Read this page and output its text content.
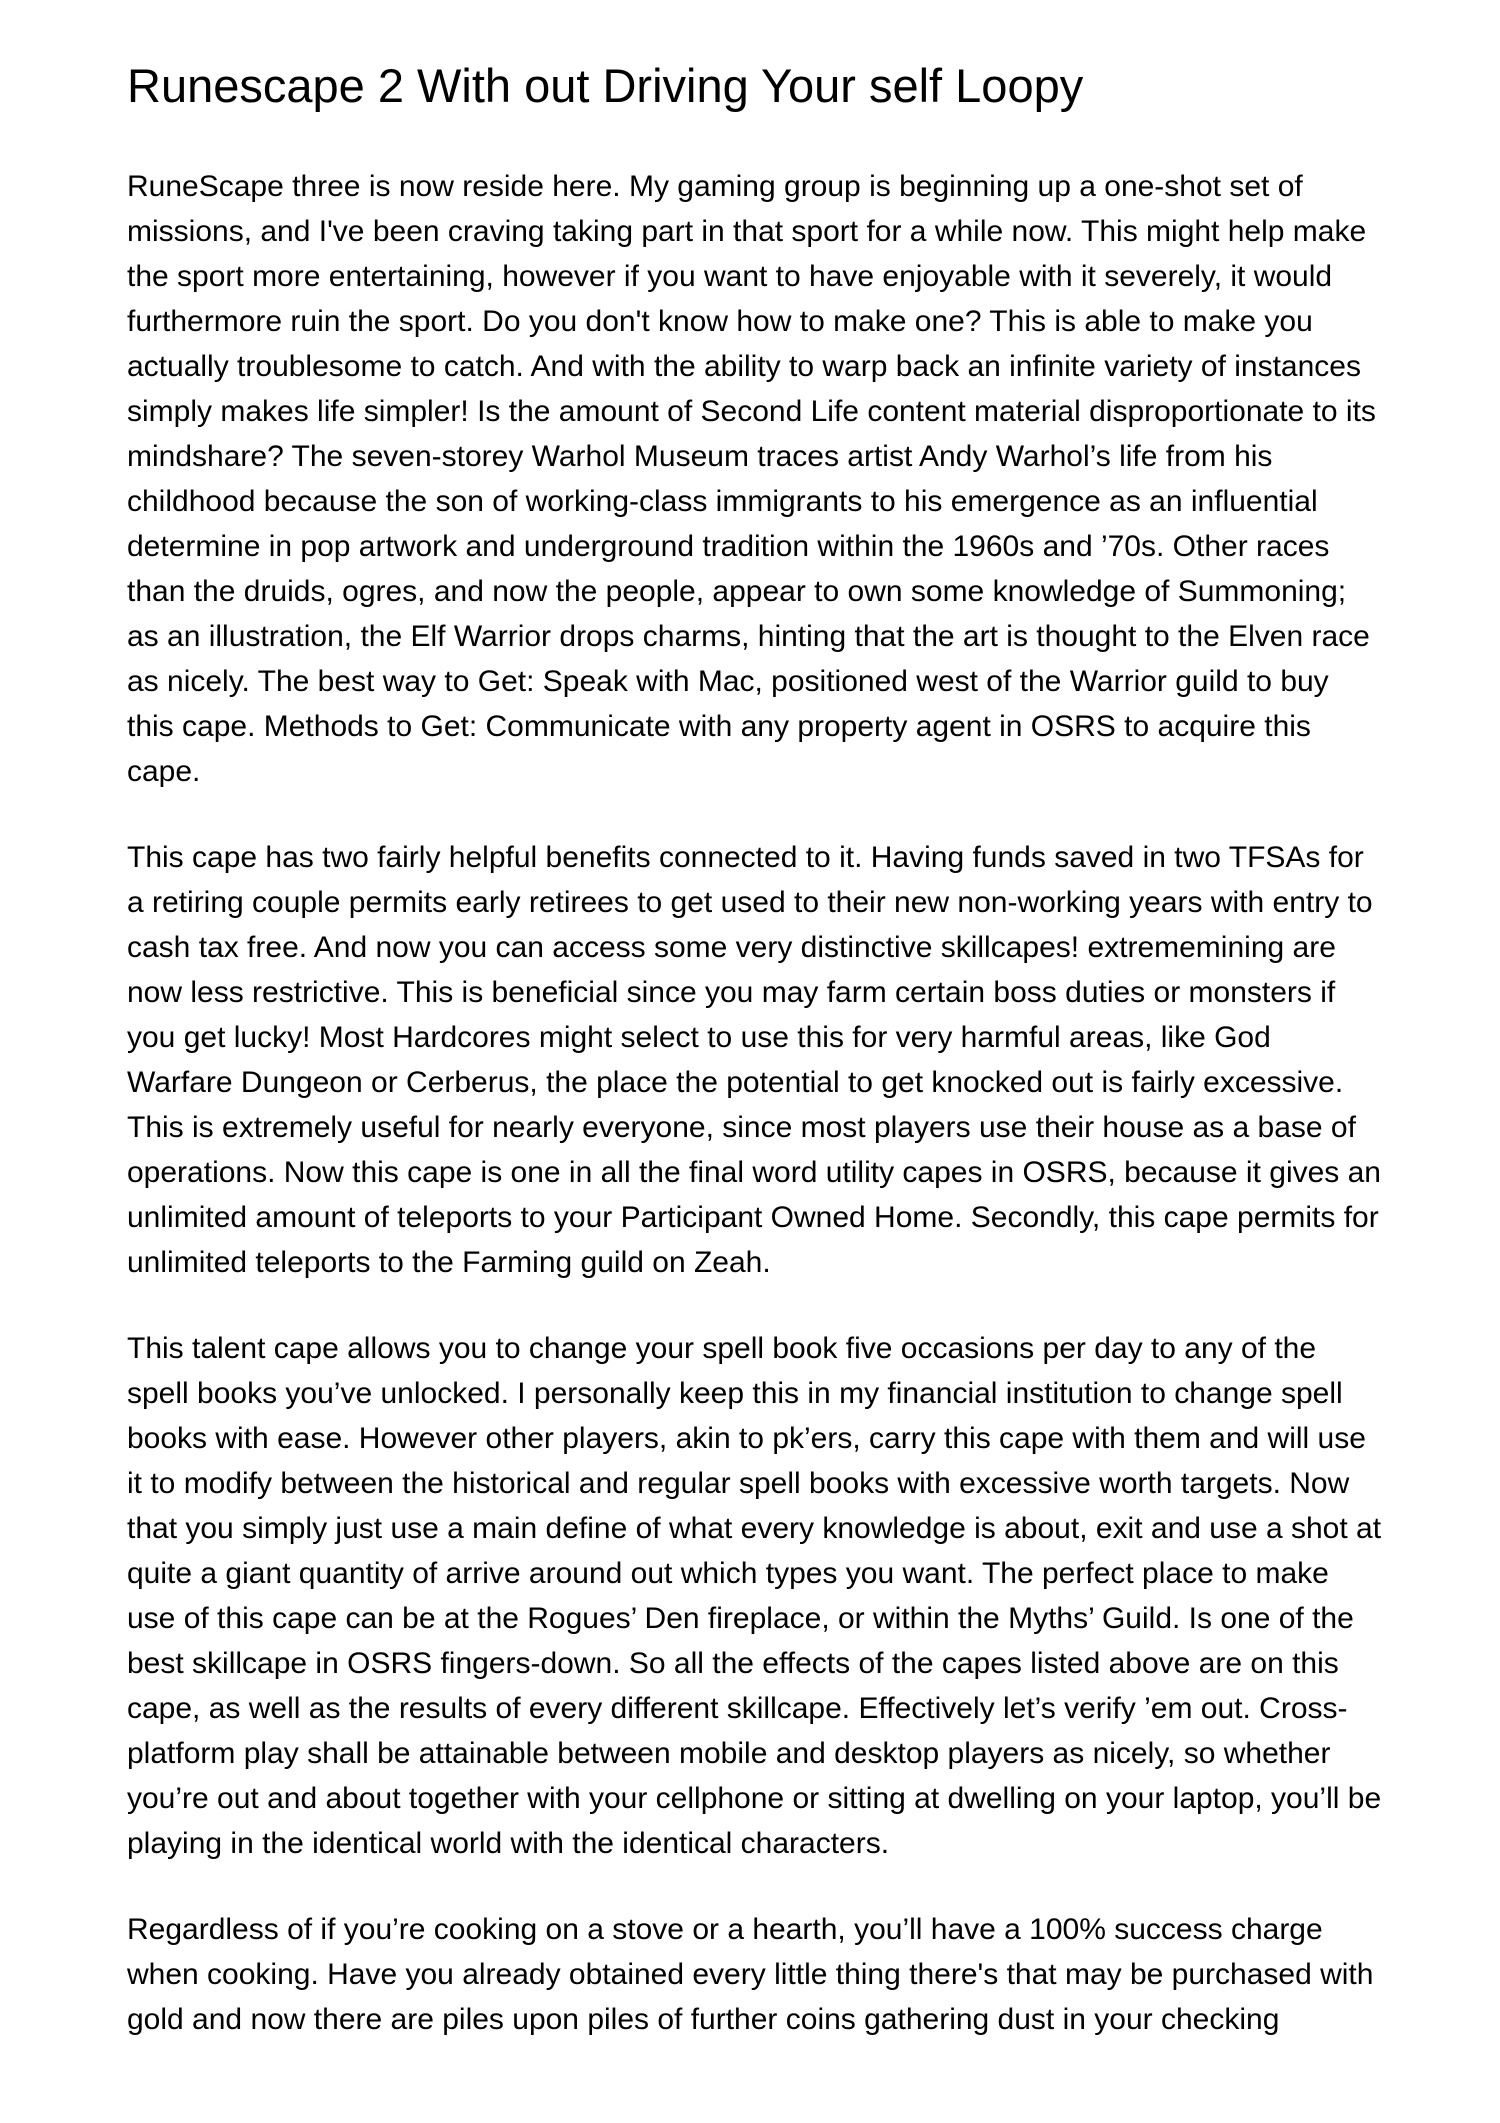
Runescape 2 With out Driving Your self Loopy

RuneScape three is now reside here. My gaming group is beginning up a one-shot set of missions, and I've been craving taking part in that sport for a while now. This might help make the sport more entertaining, however if you want to have enjoyable with it severely, it would furthermore ruin the sport. Do you don't know how to make one? This is able to make you actually troublesome to catch. And with the ability to warp back an infinite variety of instances simply makes life simpler! Is the amount of Second Life content material disproportionate to its mindshare? The seven-storey Warhol Museum traces artist Andy Warhol’s life from his childhood because the son of working-class immigrants to his emergence as an influential determine in pop artwork and underground tradition within the 1960s and ’70s. Other races than the druids, ogres, and now the people, appear to own some knowledge of Summoning; as an illustration, the Elf Warrior drops charms, hinting that the art is thought to the Elven race as nicely. The best way to Get: Speak with Mac, positioned west of the Warrior guild to buy this cape. Methods to Get: Communicate with any property agent in OSRS to acquire this cape.

This cape has two fairly helpful benefits connected to it. Having funds saved in two TFSAs for a retiring couple permits early retirees to get used to their new non-working years with entry to cash tax free. And now you can access some very distinctive skillcapes! extrememining are now less restrictive. This is beneficial since you may farm certain boss duties or monsters if you get lucky! Most Hardcores might select to use this for very harmful areas, like God Warfare Dungeon or Cerberus, the place the potential to get knocked out is fairly excessive. This is extremely useful for nearly everyone, since most players use their house as a base of operations. Now this cape is one in all the final word utility capes in OSRS, because it gives an unlimited amount of teleports to your Participant Owned Home. Secondly, this cape permits for unlimited teleports to the Farming guild on Zeah.

This talent cape allows you to change your spell book five occasions per day to any of the spell books you’ve unlocked. I personally keep this in my financial institution to change spell books with ease. However other players, akin to pk’ers, carry this cape with them and will use it to modify between the historical and regular spell books with excessive worth targets. Now that you simply just use a main define of what every knowledge is about, exit and use a shot at quite a giant quantity of arrive around out which types you want. The perfect place to make use of this cape can be at the Rogues’ Den fireplace, or within the Myths’ Guild. Is one of the best skillcape in OSRS fingers-down. So all the effects of the capes listed above are on this cape, as well as the results of every different skillcape. Effectively let’s verify ’em out. Cross-platform play shall be attainable between mobile and desktop players as nicely, so whether you’re out and about together with your cellphone or sitting at dwelling on your laptop, you’ll be playing in the identical world with the identical characters.

Regardless of if you’re cooking on a stove or a hearth, you’ll have a 100% success charge when cooking. Have you already obtained every little thing there's that may be purchased with gold and now there are piles upon piles of further coins gathering dust in your checking
